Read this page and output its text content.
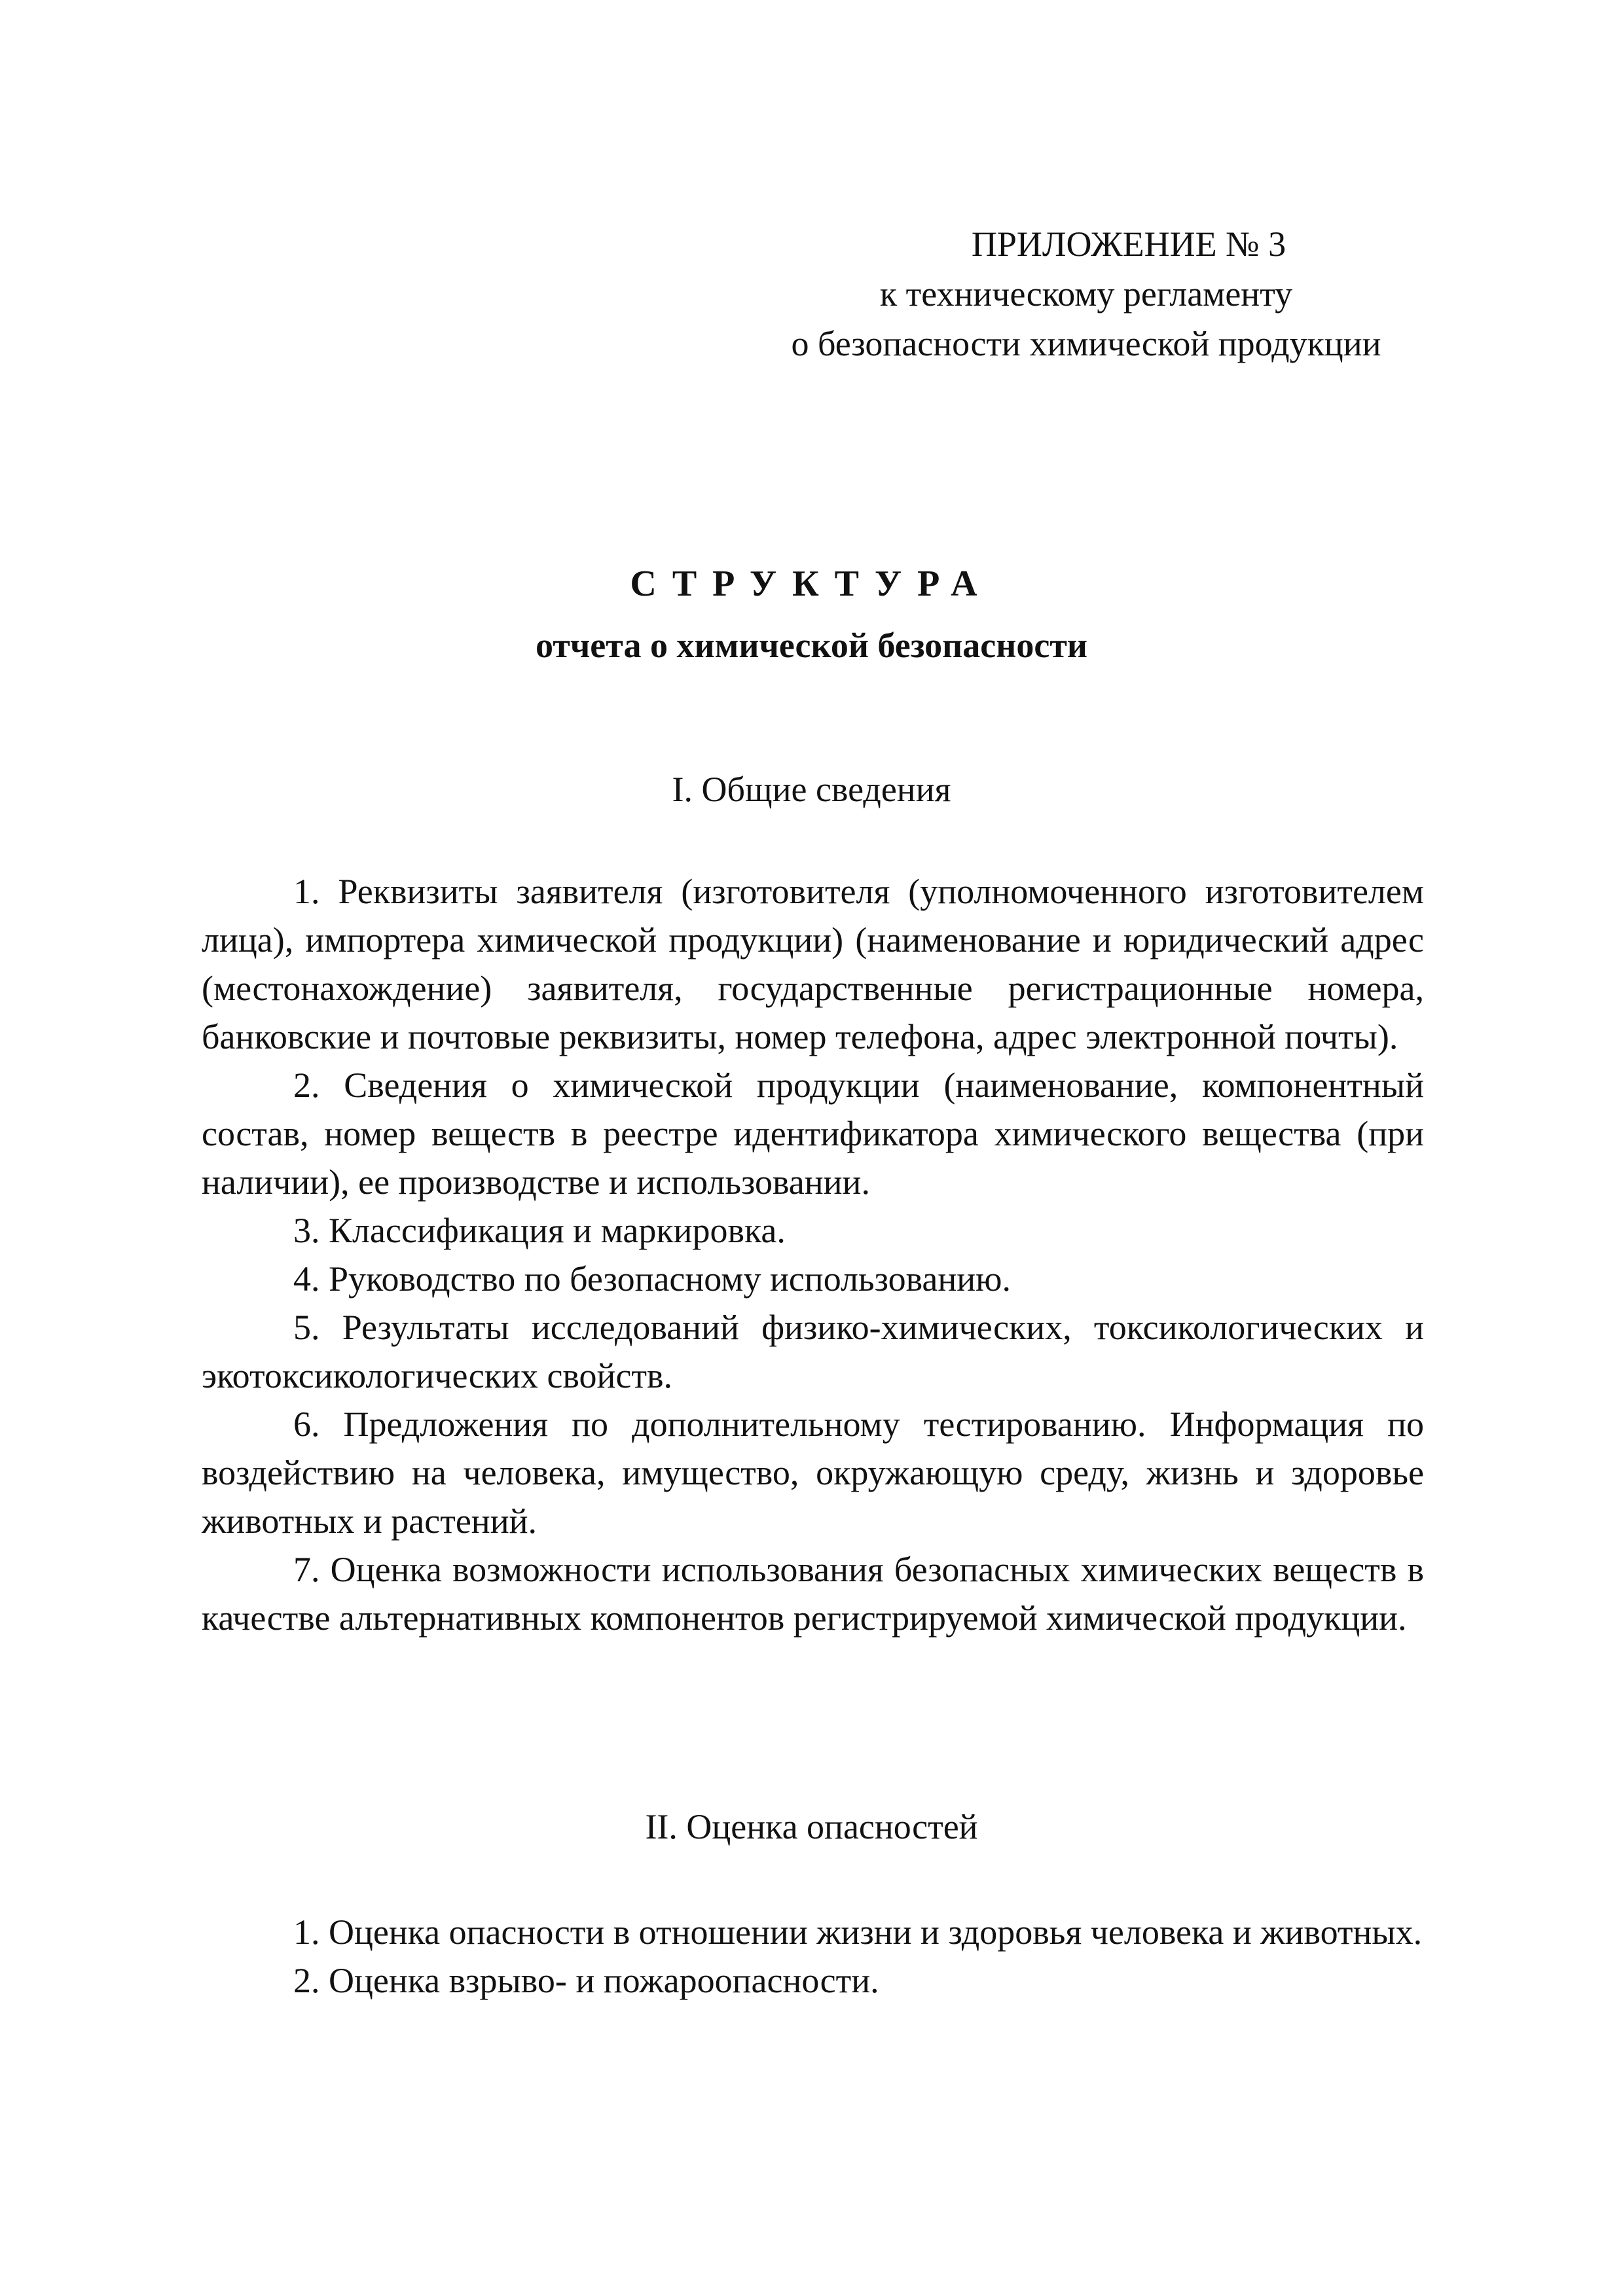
ПРИЛОЖЕНИЕ № 3
к техническому регламенту
о безопасности химической продукции
СТРУКТУРА
отчета о химической безопасности
I. Общие сведения

1. Реквизиты заявителя (изготовителя (уполномоченного изготовителем лица), импортера химической продукции) (наименование и юридический адрес (местонахождение) заявителя, государственные регистрационные номера, банковские и почтовые реквизиты, номер телефона, адрес электронной почты).

2. Сведения о химической продукции (наименование, компонентный состав, номер веществ в реестре идентификатора химического вещества (при наличии), ее производстве и использовании.

3. Классификация и маркировка.

4. Руководство по безопасному использованию.

5. Результаты исследований физико-химических, токсикологических и экотоксикологических свойств.

6. Предложения по дополнительному тестированию. Информация по воздействию на человека, имущество, окружающую среду, жизнь и здоровье животных и растений.

7. Оценка возможности использования безопасных химических веществ в качестве альтернативных компонентов регистрируемой химической продукции.

II. Оценка опасностей

1. Оценка опасности в отношении жизни и здоровья человека и животных.

2. Оценка взрыво- и пожароопасности.
